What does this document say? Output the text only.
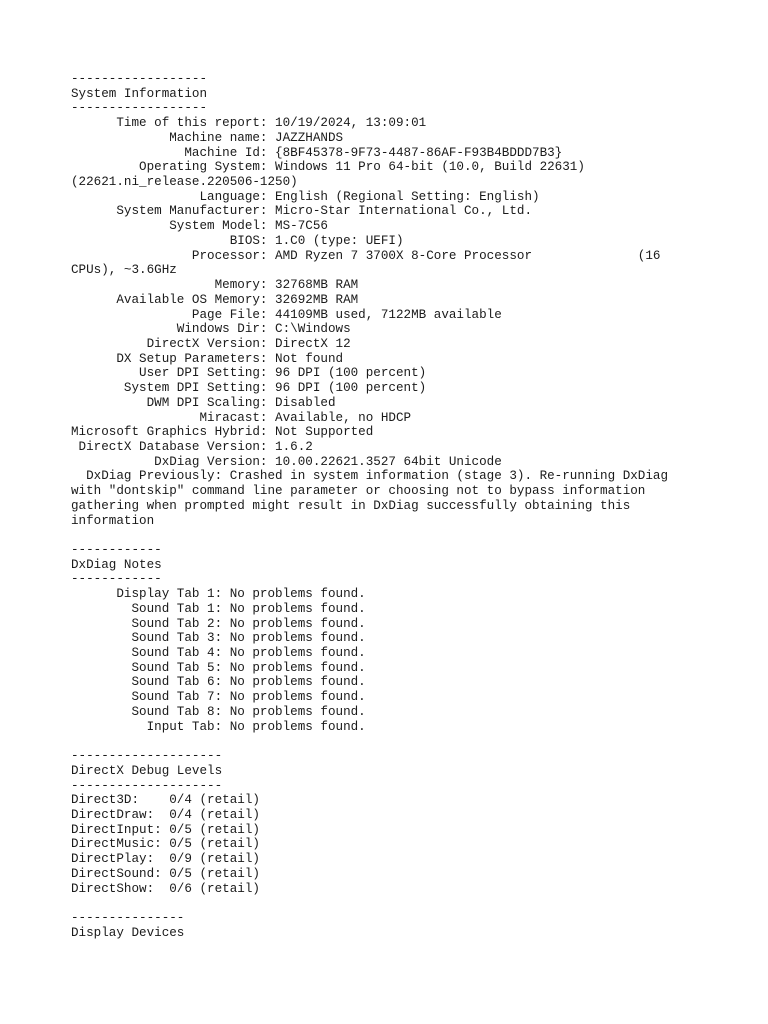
------------------
System Information
------------------
Time of this report: 10/19/2024, 13:09:01
Machine name: JAZZHANDS
Machine Id: {8BF45378-9F73-4487-86AF-F93B4BDDD7B3}
Operating System: Windows 11 Pro 64-bit (10.0, Build 22631)
(22621.ni_release.220506-1250)
Language: English (Regional Setting: English)
System Manufacturer: Micro-Star International Co., Ltd.
System Model: MS-7C56
BIOS: 1.C0 (type: UEFI)
Processor: AMD Ryzen 7 3700X 8-Core Processor              (16
CPUs), ~3.6GHz
Memory: 32768MB RAM
Available OS Memory: 32692MB RAM
Page File: 44109MB used, 7122MB available
Windows Dir: C:\Windows
DirectX Version: DirectX 12
DX Setup Parameters: Not found
User DPI Setting: 96 DPI (100 percent)
System DPI Setting: 96 DPI (100 percent)
DWM DPI Scaling: Disabled
Miracast: Available, no HDCP
Microsoft Graphics Hybrid: Not Supported
DirectX Database Version: 1.6.2
DxDiag Version: 10.00.22621.3527 64bit Unicode
DxDiag Previously: Crashed in system information (stage 3). Re-running DxDiag
with "dontskip" command line parameter or choosing not to bypass information
gathering when prompted might result in DxDiag successfully obtaining this
information
------------
DxDiag Notes
------------
Display Tab 1: No problems found.
Sound Tab 1: No problems found.
Sound Tab 2: No problems found.
Sound Tab 3: No problems found.
Sound Tab 4: No problems found.
Sound Tab 5: No problems found.
Sound Tab 6: No problems found.
Sound Tab 7: No problems found.
Sound Tab 8: No problems found.
Input Tab: No problems found.
--------------------
DirectX Debug Levels
--------------------
Direct3D:    0/4 (retail)
DirectDraw:  0/4 (retail)
DirectInput: 0/5 (retail)
DirectMusic: 0/5 (retail)
DirectPlay:  0/9 (retail)
DirectSound: 0/5 (retail)
DirectShow:  0/6 (retail)
---------------
Display Devices
